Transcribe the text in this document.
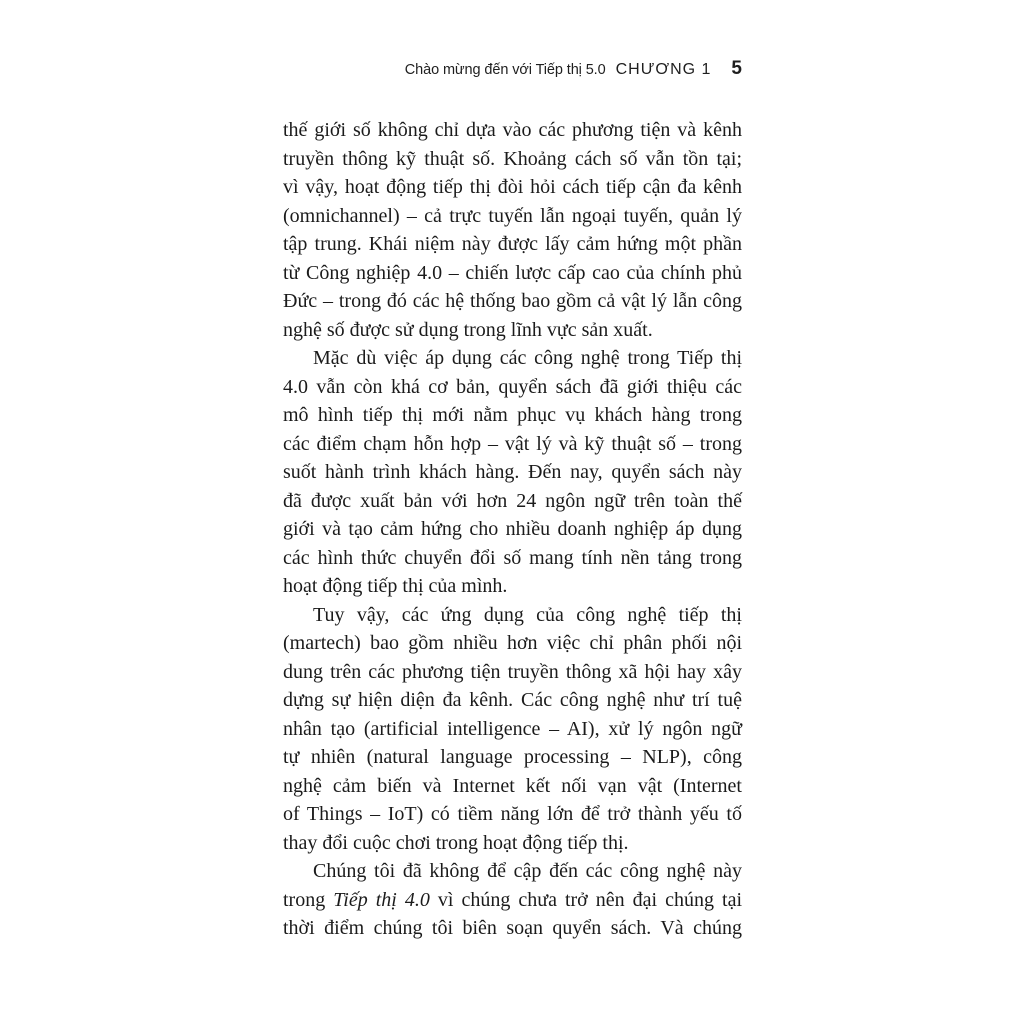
Chào mừng đến với Tiếp thị 5.0 CHƯƠNG 1 5
thế giới số không chỉ dựa vào các phương tiện và kênh
truyền thông kỹ thuật số. Khoảng cách số vẫn tồn tại;
vì vậy, hoạt động tiếp thị đòi hỏi cách tiếp cận đa kênh
(omnichannel) – cả trực tuyến lẫn ngoại tuyến, quản lý
tập trung. Khái niệm này được lấy cảm hứng một phần
từ Công nghiệp 4.0 – chiến lược cấp cao của chính phủ
Đức – trong đó các hệ thống bao gồm cả vật lý lẫn công
nghệ số được sử dụng trong lĩnh vực sản xuất.
Mặc dù việc áp dụng các công nghệ trong Tiếp thị
4.0 vẫn còn khá cơ bản, quyển sách đã giới thiệu các
mô hình tiếp thị mới nằm phục vụ khách hàng trong
các điểm chạm hỗn hợp – vật lý và kỹ thuật số – trong
suốt hành trình khách hàng. Đến nay, quyển sách này
đã được xuất bản với hơn 24 ngôn ngữ trên toàn thế
giới và tạo cảm hứng cho nhiều doanh nghiệp áp dụng
các hình thức chuyển đổi số mang tính nền tảng trong
hoạt động tiếp thị của mình.
Tuy vậy, các ứng dụng của công nghệ tiếp thị
(martech) bao gồm nhiều hơn việc chỉ phân phối nội
dung trên các phương tiện truyền thông xã hội hay xây
dựng sự hiện diện đa kênh. Các công nghệ như trí tuệ
nhân tạo (artificial intelligence – AI), xử lý ngôn ngữ
tự nhiên (natural language processing – NLP), công
nghệ cảm biến và Internet kết nối vạn vật (Internet
of Things – IoT) có tiềm năng lớn để trở thành yếu tố
thay đổi cuộc chơi trong hoạt động tiếp thị.
Chúng tôi đã không để cập đến các công nghệ này
trong Tiếp thị 4.0 vì chúng chưa trở nên đại chúng tại
thời điểm chúng tôi biên soạn quyển sách. Và chúng
